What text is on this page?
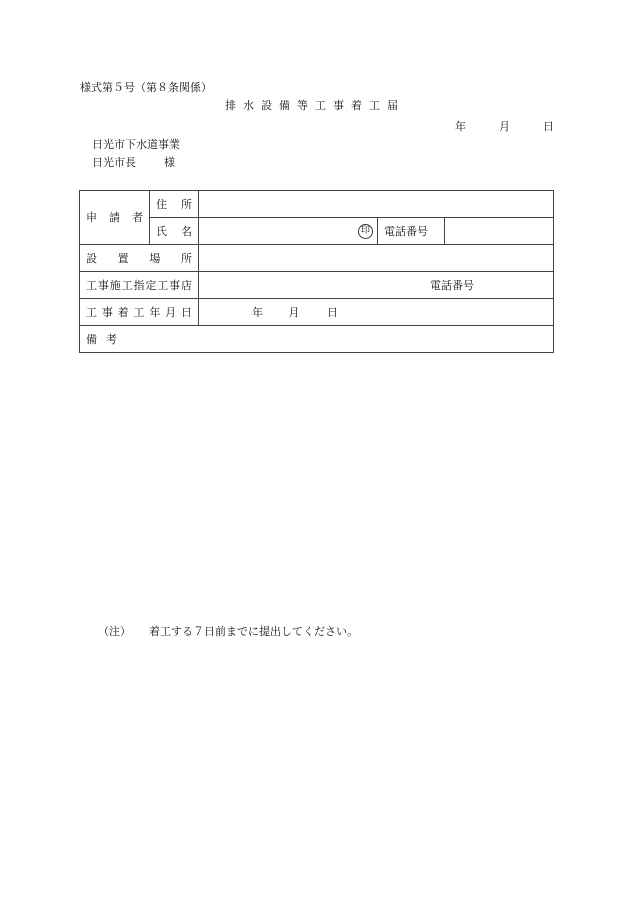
様式第５号（第８条関係）
排水設備等工事着工届
年	月	日
日光市下水道事業
日光市長	様
申請者	住所			

	氏名	印	電話番号	

設置場所				

工事施工指定工事店		電話番号		

工事着工年月日		年 月 日		
備考				
（注） 着工する７日前までに提出してください。
